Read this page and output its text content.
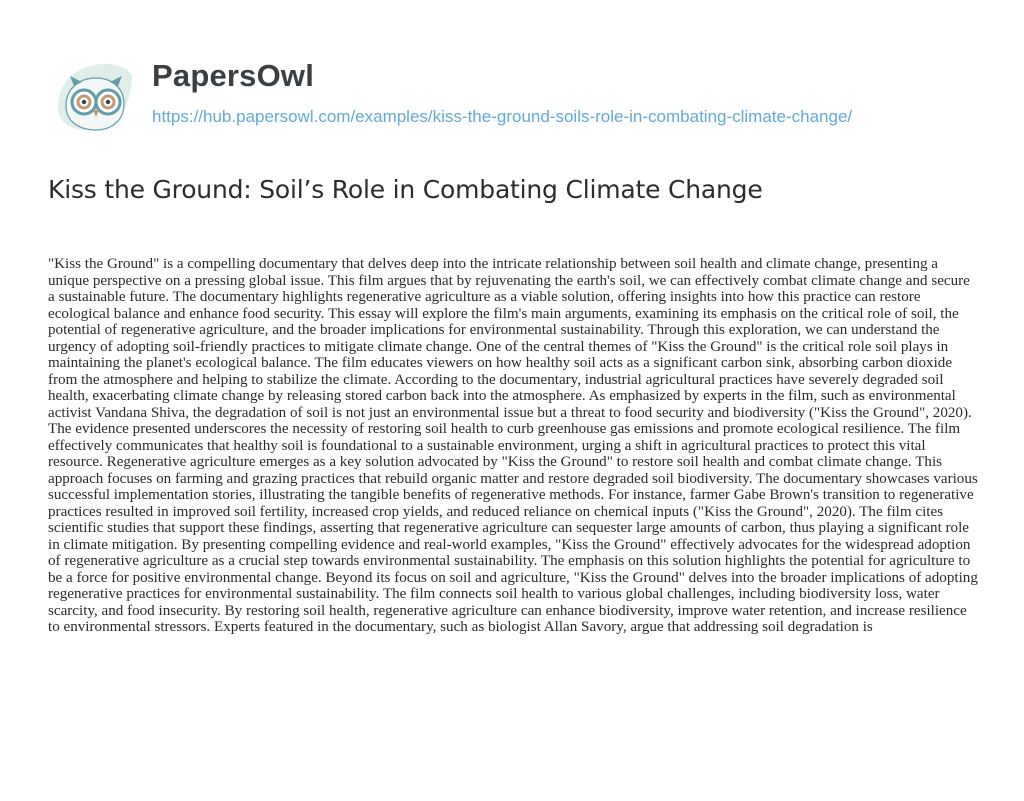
PapersOwl
https://hub.papersowl.com/examples/kiss-the-ground-soils-role-in-combating-climate-change/
Kiss the Ground: Soil’s Role in Combating Climate Change

"Kiss the Ground" is a compelling documentary that delves deep into the intricate relationship between soil health and climate change, presenting a unique perspective on a pressing global issue. This film argues that by rejuvenating the earth's soil, we can effectively combat climate change and secure a sustainable future. The documentary highlights regenerative agriculture as a viable solution, offering insights into how this practice can restore ecological balance and enhance food security. This essay will explore the film's main arguments, examining its emphasis on the critical role of soil, the potential of regenerative agriculture, and the broader implications for environmental sustainability. Through this exploration, we can understand the urgency of adopting soil-friendly practices to mitigate climate change. One of the central themes of "Kiss the Ground" is the critical role soil plays in maintaining the planet's ecological balance. The film educates viewers on how healthy soil acts as a significant carbon sink, absorbing carbon dioxide from the atmosphere and helping to stabilize the climate. According to the documentary, industrial agricultural practices have severely degraded soil health, exacerbating climate change by releasing stored carbon back into the atmosphere. As emphasized by experts in the film, such as environmental activist Vandana Shiva, the degradation of soil is not just an environmental issue but a threat to food security and biodiversity ("Kiss the Ground", 2020). The evidence presented underscores the necessity of restoring soil health to curb greenhouse gas emissions and promote ecological resilience. The film effectively communicates that healthy soil is foundational to a sustainable environment, urging a shift in agricultural practices to protect this vital resource. Regenerative agriculture emerges as a key solution advocated by "Kiss the Ground" to restore soil health and combat climate change. This approach focuses on farming and grazing practices that rebuild organic matter and restore degraded soil biodiversity. The documentary showcases various successful implementation stories, illustrating the tangible benefits of regenerative methods. For instance, farmer Gabe Brown's transition to regenerative practices resulted in improved soil fertility, increased crop yields, and reduced reliance on chemical inputs ("Kiss the Ground", 2020). The film cites scientific studies that support these findings, asserting that regenerative agriculture can sequester large amounts of carbon, thus playing a significant role in climate mitigation. By presenting compelling evidence and real-world examples, "Kiss the Ground" effectively advocates for the widespread adoption of regenerative agriculture as a crucial step towards environmental sustainability. The emphasis on this solution highlights the potential for agriculture to be a force for positive environmental change. Beyond its focus on soil and agriculture, "Kiss the Ground" delves into the broader implications of adopting regenerative practices for environmental sustainability. The film connects soil health to various global challenges, including biodiversity loss, water scarcity, and food insecurity. By restoring soil health, regenerative agriculture can enhance biodiversity, improve water retention, and increase resilience to environmental stressors. Experts featured in the documentary, such as biologist Allan Savory, argue that addressing soil degradation is
